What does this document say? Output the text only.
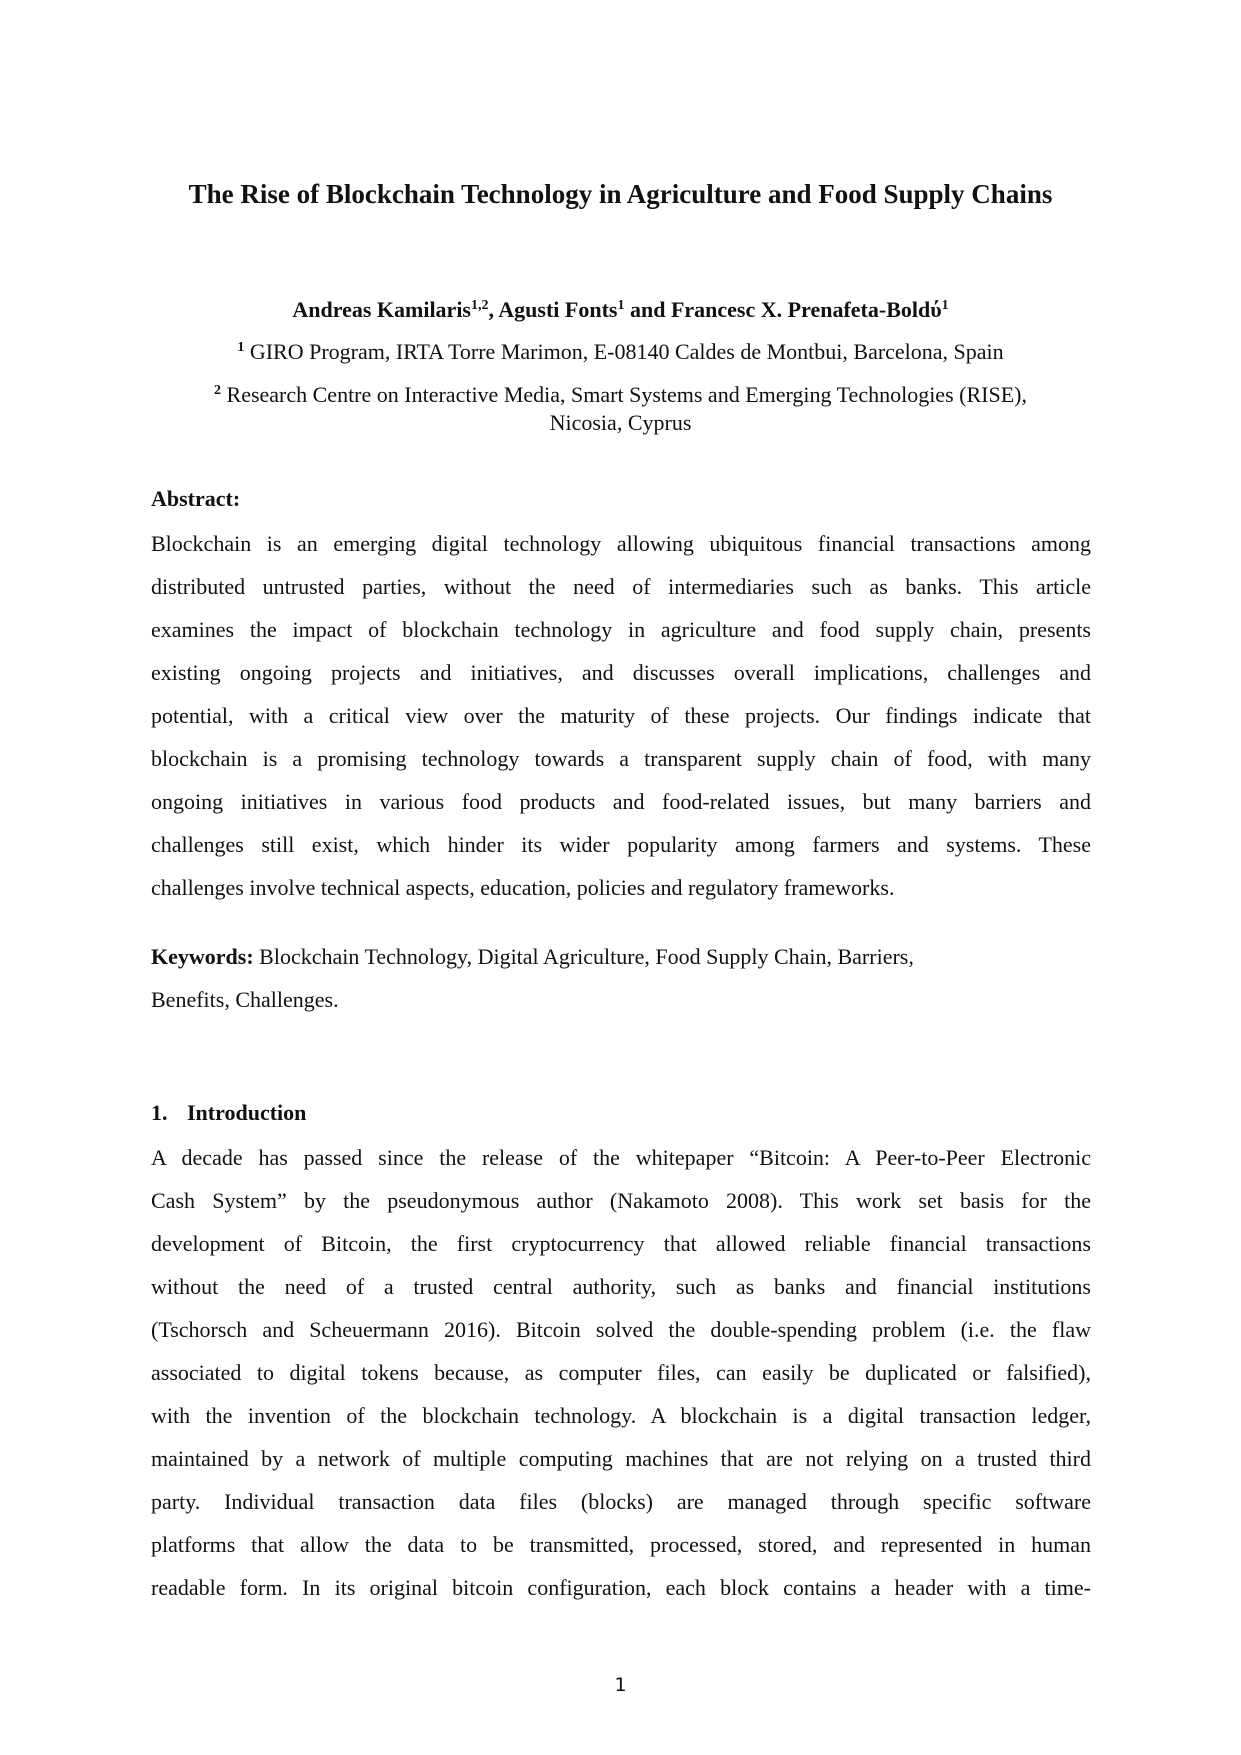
The Rise of Blockchain Technology in Agriculture and Food Supply Chains
Andreas Kamilaris$^{1,2}$, Agusti Fonts$^1$ and Francesc X. Prenafeta-Boldύ$^1$
$^1$ GIRO Program, IRTA Torre Marimon, E-08140 Caldes de Montbui, Barcelona, Spain
$^2$ Research Centre on Interactive Media, Smart Systems and Emerging Technologies (RISE),
Nicosia, Cyprus
Abstract:
Blockchain is an emerging digital technology allowing ubiquitous financial transactions among
distributed untrusted parties, without the need of intermediaries such as banks. This article
examines the impact of blockchain technology in agriculture and food supply chain, presents
existing ongoing projects and initiatives, and discusses overall implications, challenges and
potential, with a critical view over the maturity of these projects. Our findings indicate that
blockchain is a promising technology towards a transparent supply chain of food, with many
ongoing initiatives in various food products and food-related issues, but many barriers and
challenges still exist, which hinder its wider popularity among farmers and systems. These
challenges involve technical aspects, education, policies and regulatory frameworks.
Keywords: Blockchain Technology, Digital Agriculture, Food Supply Chain, Barriers,
Benefits, Challenges.
1. Introduction
A decade has passed since the release of the whitepaper “Bitcoin: A Peer-to-Peer Electronic
Cash System” by the pseudonymous author (Nakamoto 2008). This work set basis for the
development of Bitcoin, the first cryptocurrency that allowed reliable financial transactions
without the need of a trusted central authority, such as banks and financial institutions
(Tschorsch and Scheuermann 2016). Bitcoin solved the double-spending problem (i.e. the flaw
associated to digital tokens because, as computer files, can easily be duplicated or falsified),
with the invention of the blockchain technology. A blockchain is a digital transaction ledger,
maintained by a network of multiple computing machines that are not relying on a trusted third
party. Individual transaction data files (blocks) are managed through specific software
platforms that allow the data to be transmitted, processed, stored, and represented in human
readable form. In its original bitcoin configuration, each block contains a header with a time-
1
